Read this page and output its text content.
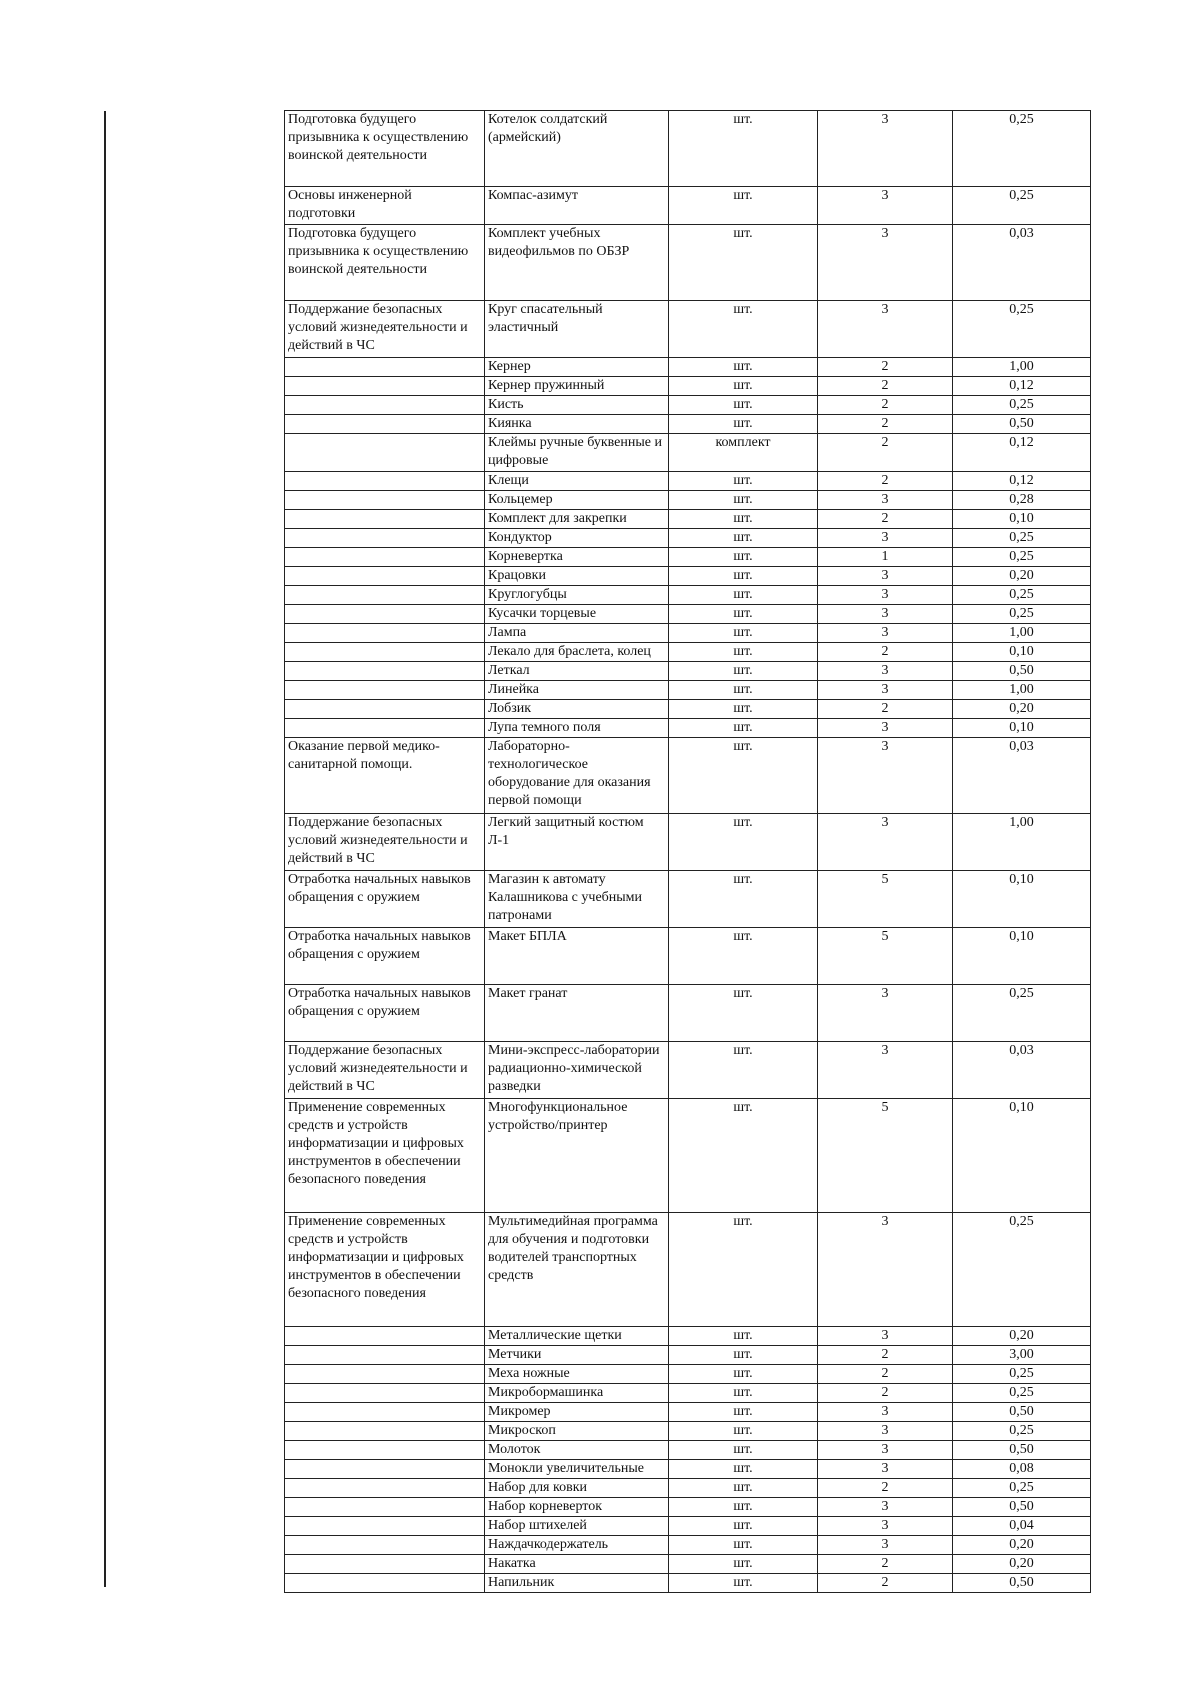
Подготовка будущего призывника к осуществлению воинской деятельности	Котелок солдатский (армейский)	шт.	3	0,25
Основы инженерной подготовки	Компас-азимут	шт.	3	0,25
Подготовка будущего призывника к осуществлению воинской деятельности	Комплект учебных видеофильмов по ОБЗР	шт.	3	0,03
Поддержание безопасных условий жизнедеятельности и действий в ЧС	Круг спасательный эластичный	шт.	3	0,25
	Кернер	шт.	2	1,00
	Кернер пружинный	шт.	2	0,12
	Кисть	шт.	2	0,25
	Киянка	шт.	2	0,50
	Клеймы ручные буквенные и цифровые	комплект	2	0,12
	Клещи	шт.	2	0,12
	Кольцемер	шт.	3	0,28
	Комплект для закрепки	шт.	2	0,10
	Кондуктор	шт.	3	0,25
	Корневертка	шт.	1	0,25
	Крацовки	шт.	3	0,20
	Круглогубцы	шт.	3	0,25
	Кусачки торцевые	шт.	3	0,25
	Лампа	шт.	3	1,00
	Лекало для браслета, колец	шт.	2	0,10
	Леткал	шт.	3	0,50
	Линейка	шт.	3	1,00
	Лобзик	шт.	2	0,20
	Лупа темного поля	шт.	3	0,10
Оказание первой медико-санитарной помощи.	Лабораторно-технологическое оборудование для оказания первой помощи	шт.	3	0,03
Поддержание безопасных условий жизнедеятельности и действий в ЧС	Легкий защитный костюм Л-1	шт.	3	1,00
Отработка начальных навыков обращения с оружием	Магазин к автомату Калашникова с учебными патронами	шт.	5	0,10
Отработка начальных навыков обращения с оружием	Макет БПЛА	шт.	5	0,10
Отработка начальных навыков обращения с оружием	Макет гранат	шт.	3	0,25
Поддержание безопасных условий жизнедеятельности и действий в ЧС	Мини-экспресс-лаборатории радиационно-химической разведки	шт.	3	0,03
Применение современных средств и устройств информатизации и цифровых инструментов в обеспечении безопасного поведения	Многофункциональное устройство/принтер	шт.	5	0,10
Применение современных средств и устройств информатизации и цифровых инструментов в обеспечении безопасного поведения	Мультимедийная программа для обучения и подготовки водителей транспортных средств	шт.	3	0,25
	Металлические щетки	шт.	3	0,20
	Метчики	шт.	2	3,00
	Меха ножные	шт.	2	0,25
	Микробормашинка	шт.	2	0,25
	Микромер	шт.	3	0,50
	Микроскоп	шт.	3	0,25
	Молоток	шт.	3	0,50
	Монокли увеличительные	шт.	3	0,08
	Набор для ковки	шт.	2	0,25
	Набор корневерток	шт.	3	0,50
	Набор штихелей	шт.	3	0,04
	Наждачкодержатель	шт.	3	0,20
	Накатка	шт.	2	0,20
	Напильник	шт.	2	0,50
